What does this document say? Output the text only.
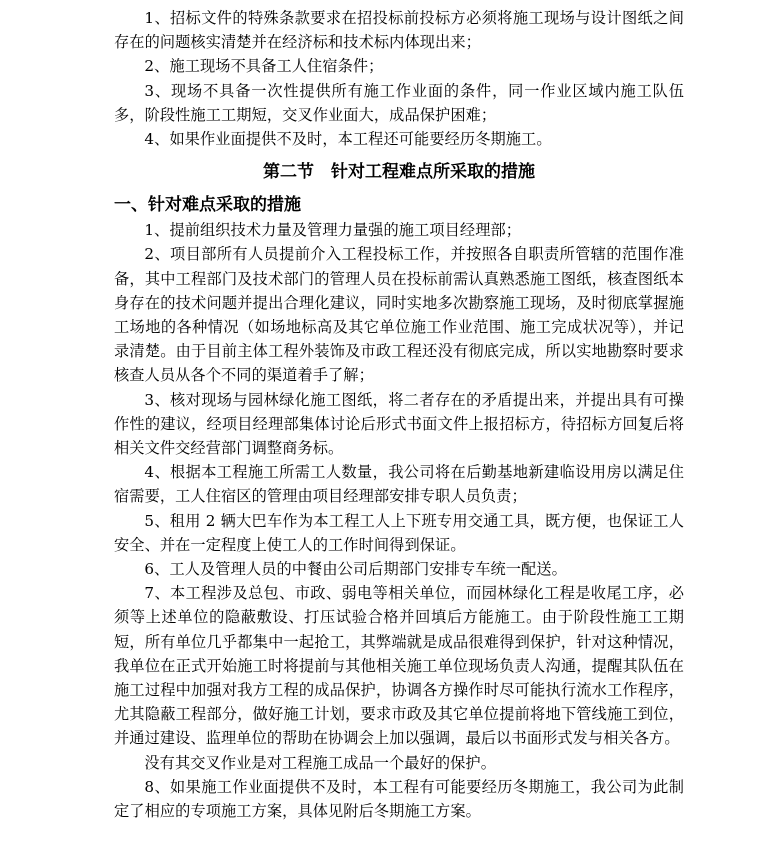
1、招标文件的特殊条款要求在招投标前投标方必须将施工现场与设计图纸之间存在的问题核实清楚并在经济标和技术标内体现出来；

2、施工现场不具备工人住宿条件；

3、现场不具备一次性提供所有施工作业面的条件，同一作业区域内施工队伍多，阶段性施工工期短，交叉作业面大，成品保护困难；

4、如果作业面提供不及时，本工程还可能要经历冬期施工。

第二节　针对工程难点所采取的措施
一、针对难点采取的措施

1、提前组织技术力量及管理力量强的施工项目经理部；

2、项目部所有人员提前介入工程投标工作，并按照各自职责所管辖的范围作准备，其中工程部门及技术部门的管理人员在投标前需认真熟悉施工图纸，核查图纸本身存在的技术问题并提出合理化建议，同时实地多次勘察施工现场，及时彻底掌握施工场地的各种情况（如场地标高及其它单位施工作业范围、施工完成状况等），并记录清楚。由于目前主体工程外装饰及市政工程还没有彻底完成，所以实地勘察时要求核查人员从各个不同的渠道着手了解；

3、核对现场与园林绿化施工图纸，将二者存在的矛盾提出来，并提出具有可操作性的建议，经项目经理部集体讨论后形式书面文件上报招标方，待招标方回复后将相关文件交经营部门调整商务标。

4、根据本工程施工所需工人数量，我公司将在后勤基地新建临设用房以满足住宿需要，工人住宿区的管理由项目经理部安排专职人员负责；

5、租用 2 辆大巴车作为本工程工人上下班专用交通工具，既方便，也保证工人安全、并在一定程度上使工人的工作时间得到保证。

6、工人及管理人员的中餐由公司后期部门安排专车统一配送。

7、本工程涉及总包、市政、弱电等相关单位，而园林绿化工程是收尾工序，必须等上述单位的隐蔽敷设、打压试验合格并回填后方能施工。由于阶段性施工工期短，所有单位几乎都集中一起抢工，其弊端就是成品很难得到保护，针对这种情况，我单位在正式开始施工时将提前与其他相关施工单位现场负责人沟通，提醒其队伍在施工过程中加强对我方工程的成品保护，协调各方操作时尽可能执行流水工作程序，尤其隐蔽工程部分，做好施工计划，要求市政及其它单位提前将地下管线施工到位，并通过建设、监理单位的帮助在协调会上加以强调，最后以书面形式发与相关各方。

没有其交叉作业是对工程施工成品一个最好的保护。

8、如果施工作业面提供不及时，本工程有可能要经历冬期施工，我公司为此制定了相应的专项施工方案，具体见附后冬期施工方案。
